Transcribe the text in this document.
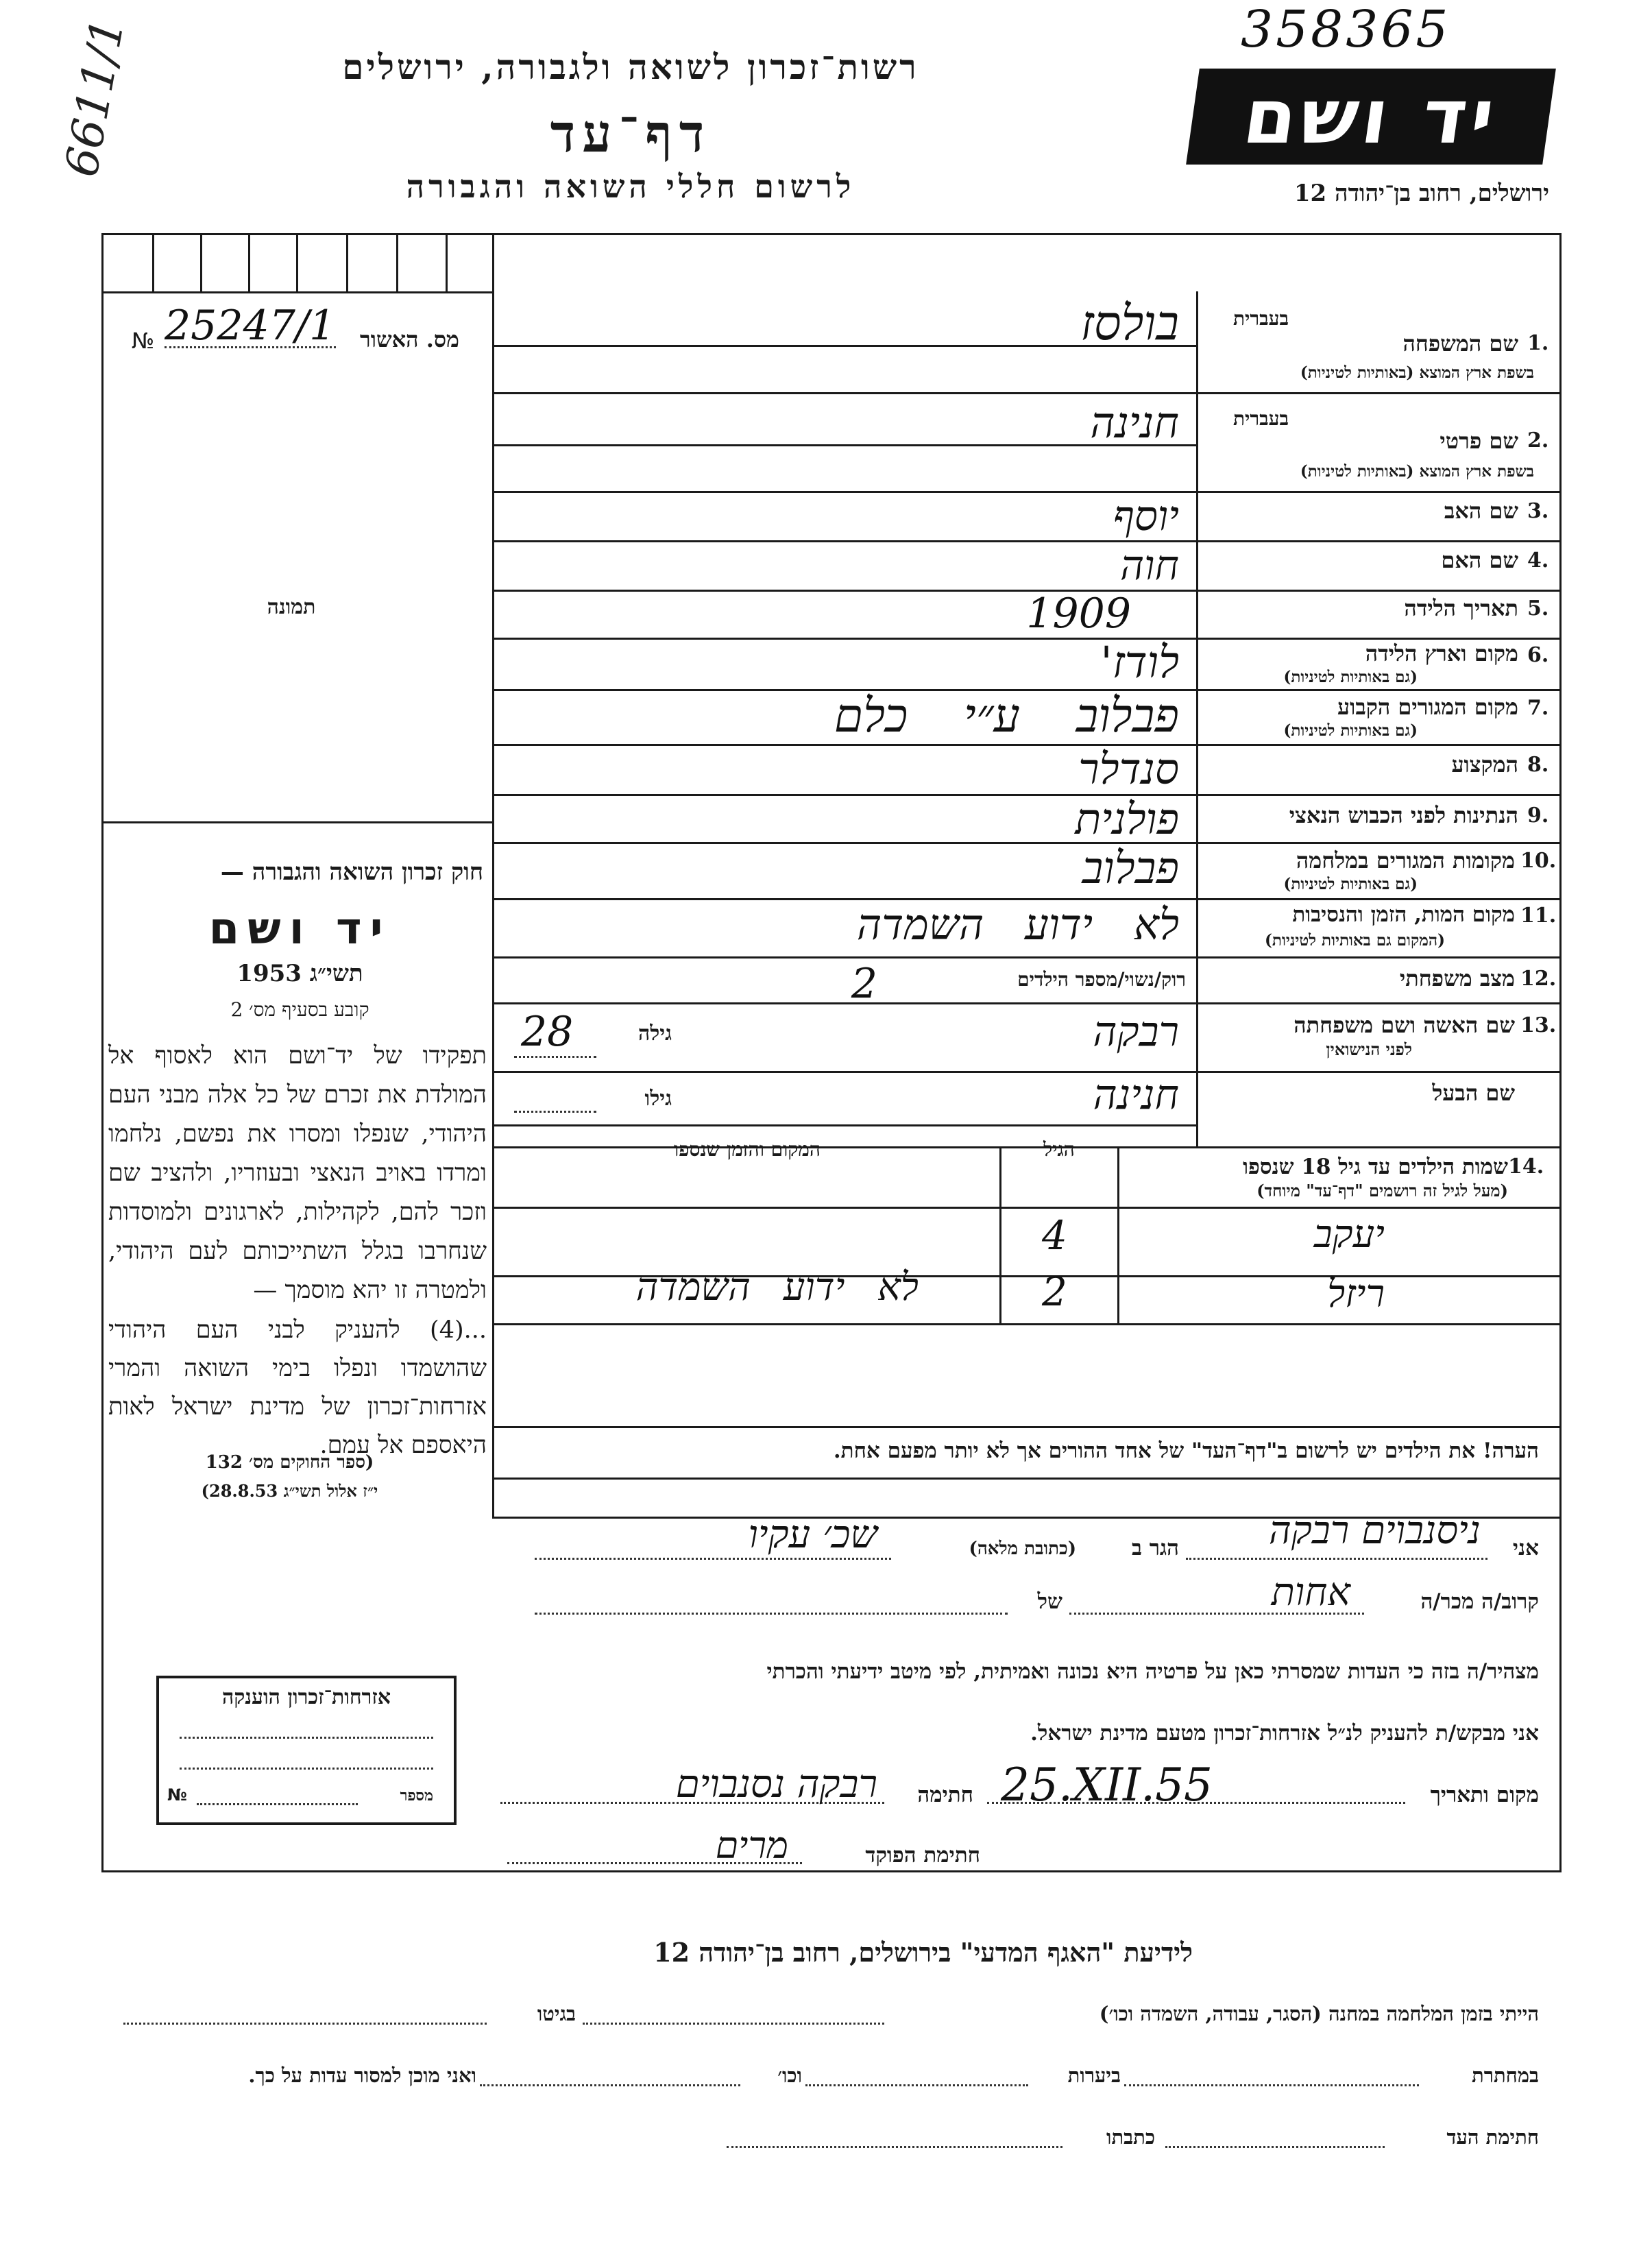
6611/1	רשות־זכרון לשואה ולגבורה, ירושלים
דף־עד
לרשום חללי השואה והגבורה
358365
יד ושם
ירושלים, רחוב בן־יהודה 12
№ 25247/1	מס. האשור
תמונה
חוק זכרון השואה והגבורה —
יד ושם
תשי״ג 1953
קובע בסעיף מס׳ 2
תפקידו של יד־ושם הוא לאסוף אל המולדת את זכרם של כל אלה מבני העם היהודי, שנפלו ומסרו את נפשם, נלחמו ומרדו באויב הנאצי ובעוזריו, ולהציב שם וזכר להם, לקהילות, לארגונים ולמוסדות שנחרבו בגלל השתייכותם לעם היהודי, ולמטרה זו יהא מוסמך —
...(4) להעניק לבני העם היהודי שהושמדו ונפלו בימי השואה והמרי אזרחות־זכרון של מדינת ישראל לאות היאספם אל עמם.
(ספר החוקים מס׳ 132
י״ז אלול תשי״ג 28.8.53)
1.
בעברית
שם המשפחה
בשפת ארץ המוצא (באותיות לטיניות)
בולסז
2.
בעברית
שם פרטי
בשפת ארץ המוצא (באותיות לטיניות)
חנינה
3.
שם האב
יוסף
4.
שם האם
חוה
5.
תאריך הלידה
1909
6.
מקום וארץ הלידה
(גם באותיות לטיניות)
לודז'
7.
מקום המגורים הקבוע
(גם באותיות לטיניות)
פבלוב ע״י כלם
8.
המקצוע
סנדלר
9.
הנתינות לפני הכבוש הנאצי
פולנית
10.
מקומות המגורים במלחמה
(גם באותיות לטיניות)
פבלוב
11.
מקום המות, הזמן והנסיבות
(המקום גם באותיות לטיניות)
לא ידוע השמדה
12.
מצב משפחתי
רוק/נשוי/מספר הילדים
2
13.
שם האשה ושם משפחתה
לפני הנישואין
רבקה
גילה
28
שם הבעל
חנינה
גילו
14.
(מעל לגיל זה רושמים "דף־עד" מיוחד)
שמות הילדים עד גיל 18 שנספו
הגיל
המקום והזמן שנספו
יעקב
4
ריזל
2
לא ידוע השמדה
הערה! את הילדים יש לרשום ב"דף־העד" של אחד ההורים אך לא יותר מפעם אחת.
אני
ניסנבוים רבקה
הגר ב
(כתובת מלאה)
שכ׳ עקיו
קרוב/ה מכר/ה
אחות
של
מצהיר/ה בזה כי העדות שמסרתי כאן על פרטיה היא נכונה ואמיתית, לפי מיטב ידיעתי והכרתי
אני מבקש/ת להעניק לנ״ל אזרחות־זכרון מטעם מדינת ישראל.
מקום ותאריך
25.XII.55
חתימה
רבקה נסנבוים
חתימת הפוקד
מרים
אזרחות־זכרון הוענקה
מספר
№
לידיעת "האגף המדעי" בירושלים, רחוב בן־יהודה 12
הייתי בזמן המלחמה במחנה (הסגר, עבודה, השמדה וכו׳)
בגיטו
במחתרת
ביערות
וכו׳
ואני מוכן למסור עדות על כך.
חתימת העד
כתבתו
